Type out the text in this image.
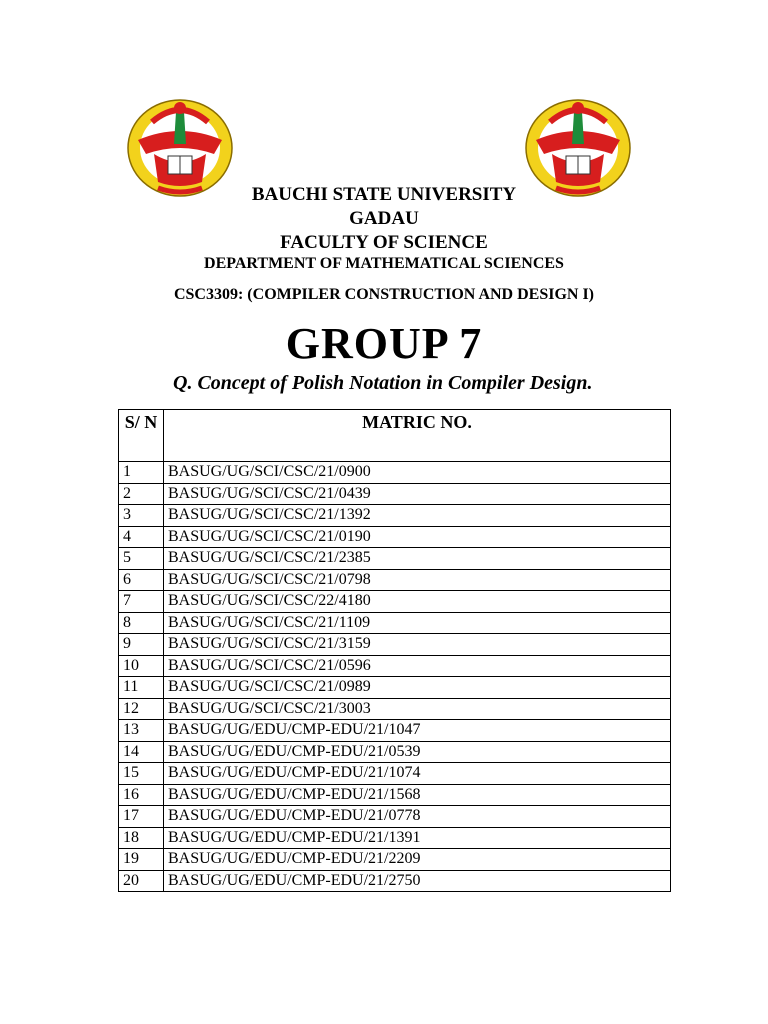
BAUCHI STATE UNIVERSITY
GADAU
FACULTY OF SCIENCE
DEPARTMENT OF MATHEMATICAL SCIENCES
CSC3309: (COMPILER CONSTRUCTION AND DESIGN I)
GROUP 7
Q. Concept of Polish Notation in Compiler Design.
S/ N	MATRIC NO.
1	BASUG/UG/SCI/CSC/21/0900
2	BASUG/UG/SCI/CSC/21/0439
3	BASUG/UG/SCI/CSC/21/1392
4	BASUG/UG/SCI/CSC/21/0190
5	BASUG/UG/SCI/CSC/21/2385
6	BASUG/UG/SCI/CSC/21/0798
7	BASUG/UG/SCI/CSC/22/4180
8	BASUG/UG/SCI/CSC/21/1109
9	BASUG/UG/SCI/CSC/21/3159
10	BASUG/UG/SCI/CSC/21/0596
11	BASUG/UG/SCI/CSC/21/0989
12	BASUG/UG/SCI/CSC/21/3003
13	BASUG/UG/EDU/CMP-EDU/21/1047
14	BASUG/UG/EDU/CMP-EDU/21/0539
15	BASUG/UG/EDU/CMP-EDU/21/1074
16	BASUG/UG/EDU/CMP-EDU/21/1568
17	BASUG/UG/EDU/CMP-EDU/21/0778
18	BASUG/UG/EDU/CMP-EDU/21/1391
19	BASUG/UG/EDU/CMP-EDU/21/2209
20	BASUG/UG/EDU/CMP-EDU/21/2750
